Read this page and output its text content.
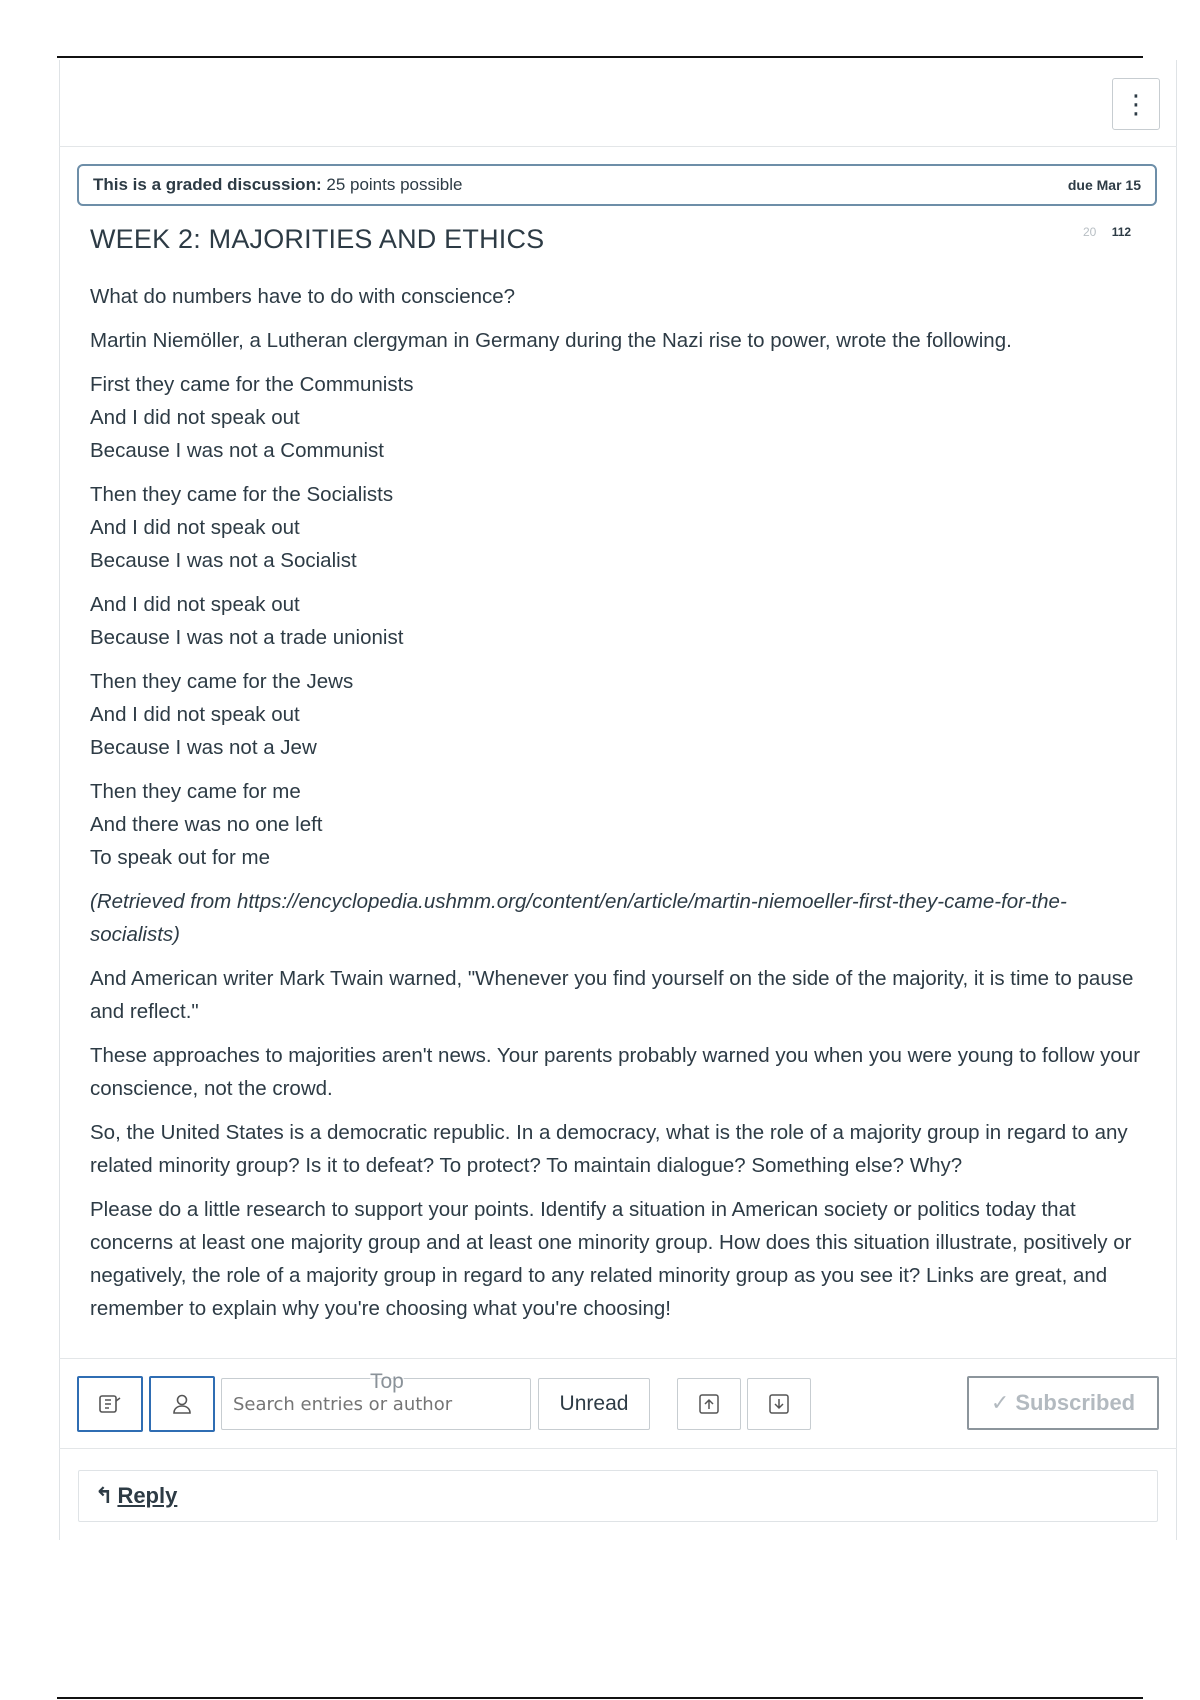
⋮
This is a graded discussion: 25 points possible	due Mar 15
WEEK 2: MAJORITIES AND ETHICS	20 112

What do numbers have to do with conscience?

Martin Niemöller, a Lutheran clergyman in Germany during the Nazi rise to power, wrote the following.

First they came for the Communists
And I did not speak out
Because I was not a Communist

Then they came for the Socialists
And I did not speak out
Because I was not a Socialist

And I did not speak out
Because I was not a trade unionist

Then they came for the Jews
And I did not speak out
Because I was not a Jew

Then they came for me
And there was no one left
To speak out for me

(Retrieved from https://encyclopedia.ushmm.org/content/en/article/martin-niemoeller-first-they-came-for-the-socialists)

And American writer Mark Twain warned, "Whenever you find yourself on the side of the majority, it is time to pause and reflect."

These approaches to majorities aren't news. Your parents probably warned you when you were young to follow your conscience, not the crowd.

So, the United States is a democratic republic. In a democracy, what is the role of a majority group in regard to any related minority group? Is it to defeat? To protect? To maintain dialogue? Something else? Why?

Please do a little research to support your points. Identify a situation in American society or politics today that concerns at least one majority group and at least one minority group. How does this situation illustrate, positively or negatively, the role of a majority group in regard to any related minority group as you see it? Links are great, and remember to explain why you're choosing what you're choosing!

Search entries or author
Unread	✓ Subscribed
Top
↰ Reply
